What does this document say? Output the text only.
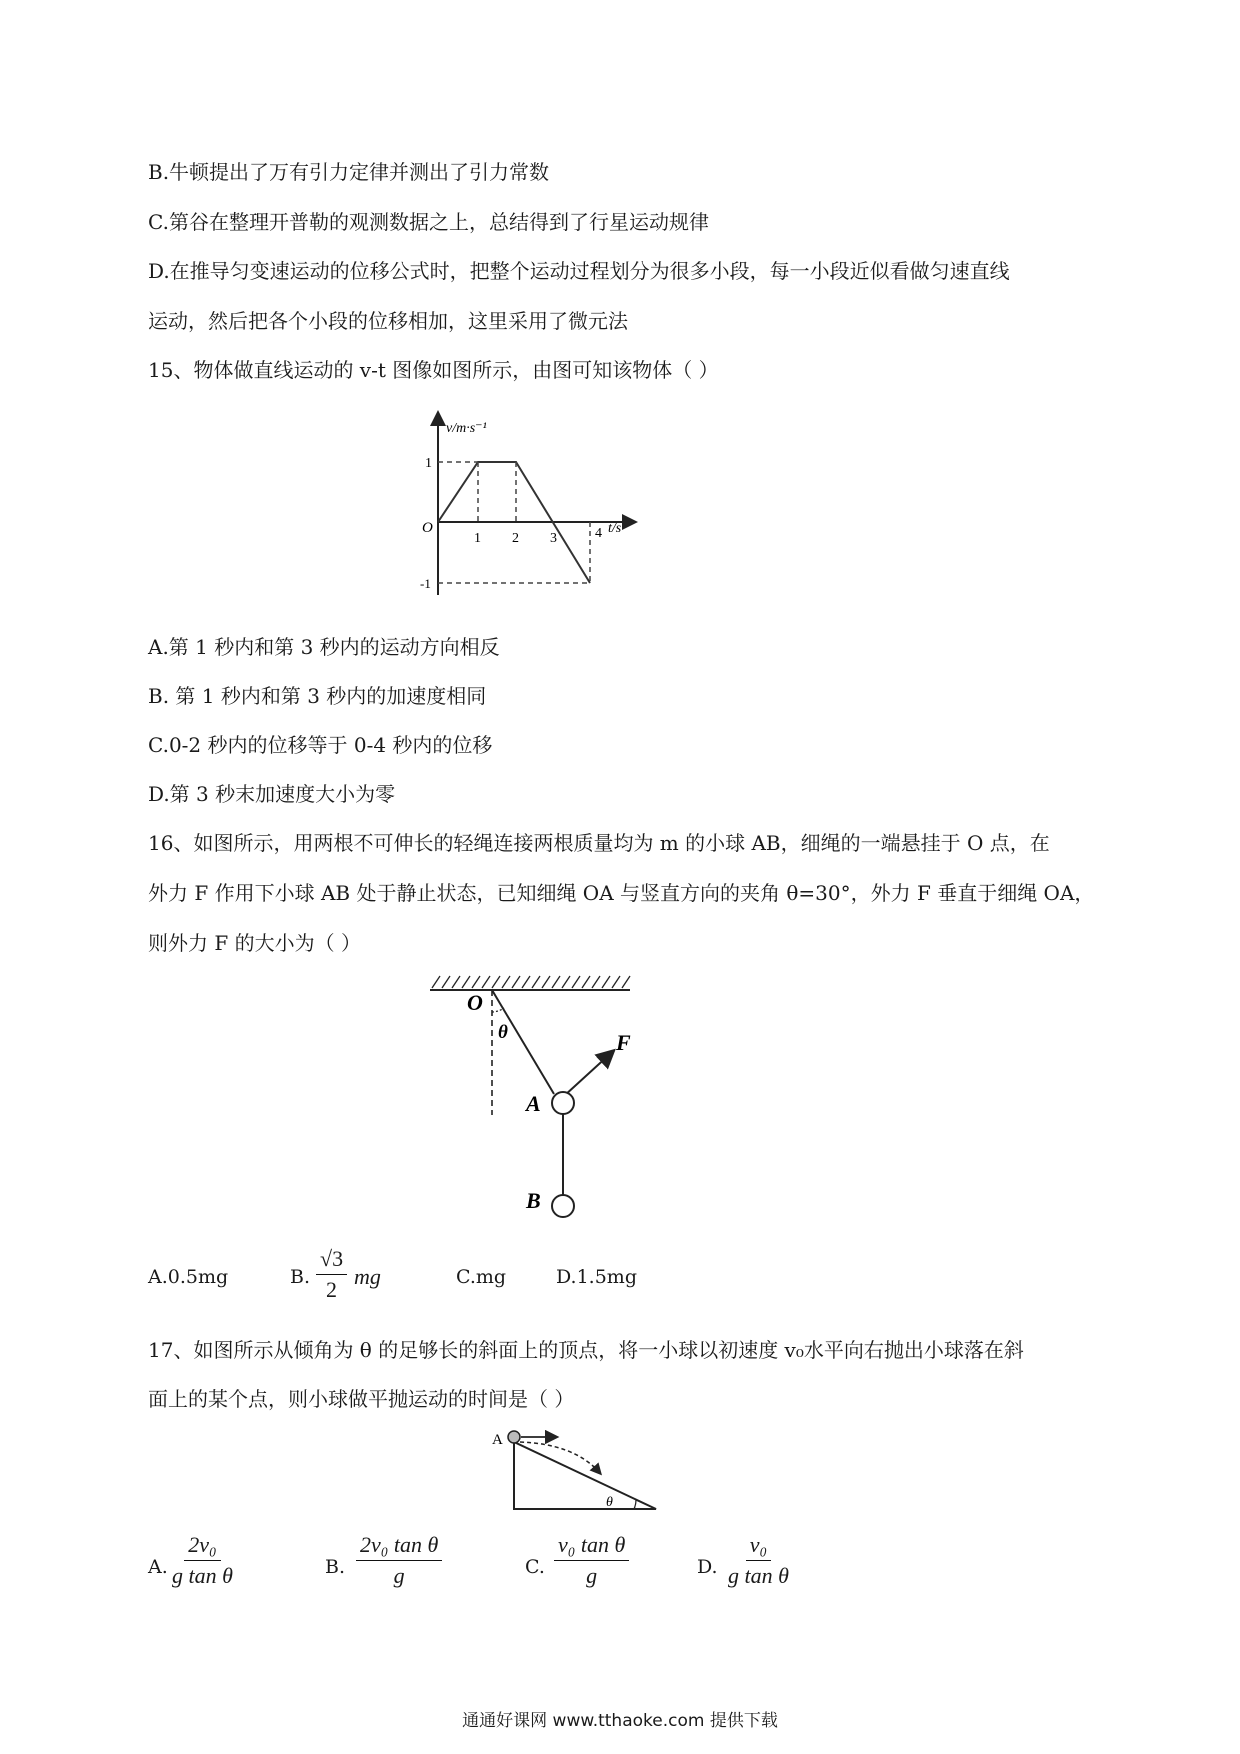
B.牛顿提出了万有引力定律并测出了引力常数
C.第谷在整理开普勒的观测数据之上，总结得到了行星运动规律
D.在推导匀变速运动的位移公式时，把整个运动过程划分为很多小段，每一小段近似看做匀速直线
运动，然后把各个小段的位移相加，这里采用了微元法
15、物体做直线运动的 v-t 图像如图所示，由图可知该物体（ ）
v/m·s⁻¹
t/s
O
1
-1
1 2 3	4
A.第 1 秒内和第 3 秒内的运动方向相反
B. 第 1 秒内和第 3 秒内的加速度相同
C.0-2 秒内的位移等于 0-4 秒内的位移
D.第 3 秒末加速度大小为零
16、如图所示，用两根不可伸长的轻绳连接两根质量均为 m 的小球 AB，细绳的一端悬挂于 O 点，在
外力 F 作用下小球 AB 处于静止状态，已知细绳 OA 与竖直方向的夹角 θ=30°，外力 F 垂直于细绳 OA，
则外力 F 的大小为（ ）
O
θ	F
A
B
A.0.5mg	B. $\frac{√3}{2}$ mg	C.mg	D.1.5mg
17、如图所示从倾角为 θ 的足够长的斜面上的顶点，将一小球以初速度 v₀水平向右抛出小球落在斜
面上的某个点，则小球做平抛运动的时间是（ ）
A
θ
A. $\frac{\text{2v₀}}{\text{g tan θ}}$	B. $\frac{\text{2v₀ tan θ}}{g}$	C. $\frac{\text{v₀ tan θ}}{g}$	D. $\frac{\text{v₀}}{\text{g tan θ}}$
通通好课网 www.tthaoke.com 提供下载
